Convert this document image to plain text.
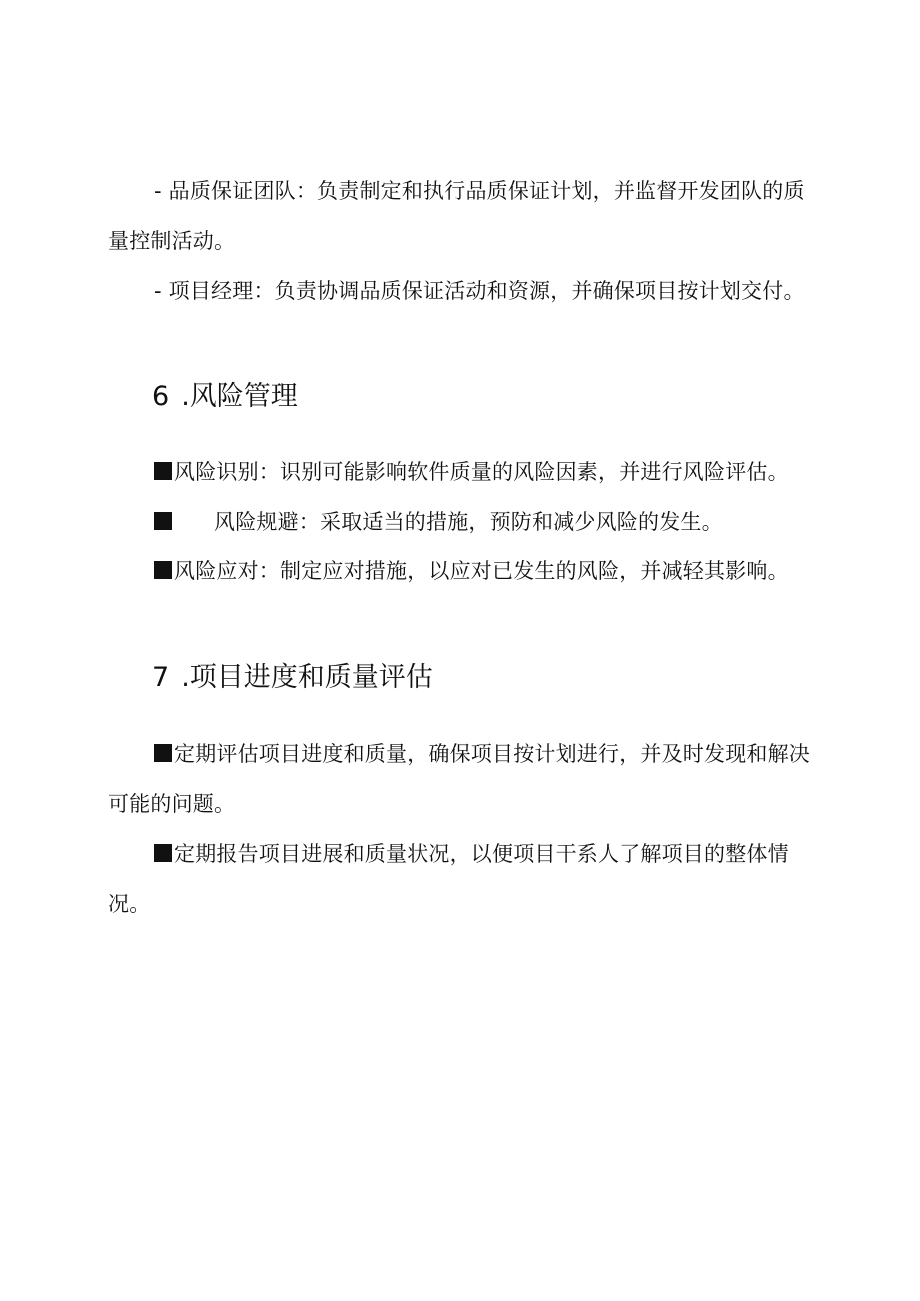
- 品质保证团队：负责制定和执行品质保证计划，并监督开发团队的质量控制活动。

- 项目经理：负责协调品质保证活动和资源，并确保项目按计划交付。

6 .风险管理

风险识别：识别可能影响软件质量的风险因素，并进行风险评估。

风险规避：采取适当的措施，预防和减少风险的发生。

风险应对：制定应对措施，以应对已发生的风险，并减轻其影响。

7 .项目进度和质量评估

定期评估项目进度和质量，确保项目按计划进行，并及时发现和解决可能的问题。

定期报告项目进展和质量状况，以便项目干系人了解项目的整体情况。
